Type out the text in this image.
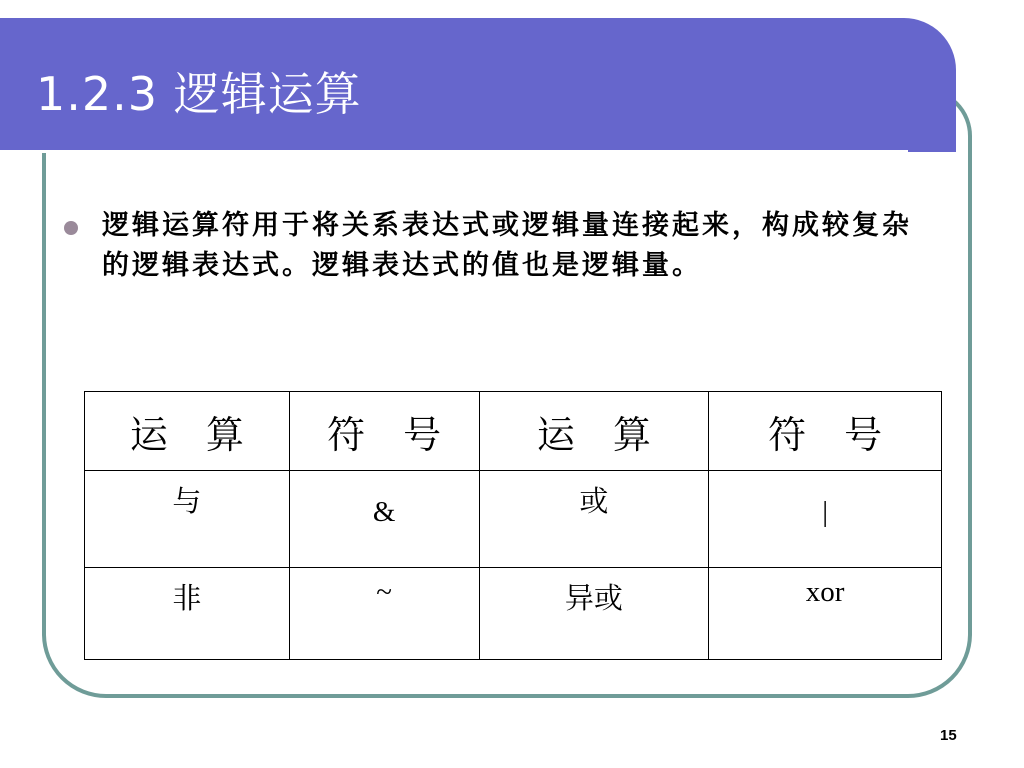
1.2.3 逻辑运算
逻辑运算符用于将关系表达式或逻辑量连接起来，构成较复杂的逻辑表达式。逻辑表达式的值也是逻辑量。
运　算	符　号	运　算	符　号
与	&	或	|
非	~	异或	xor
15
